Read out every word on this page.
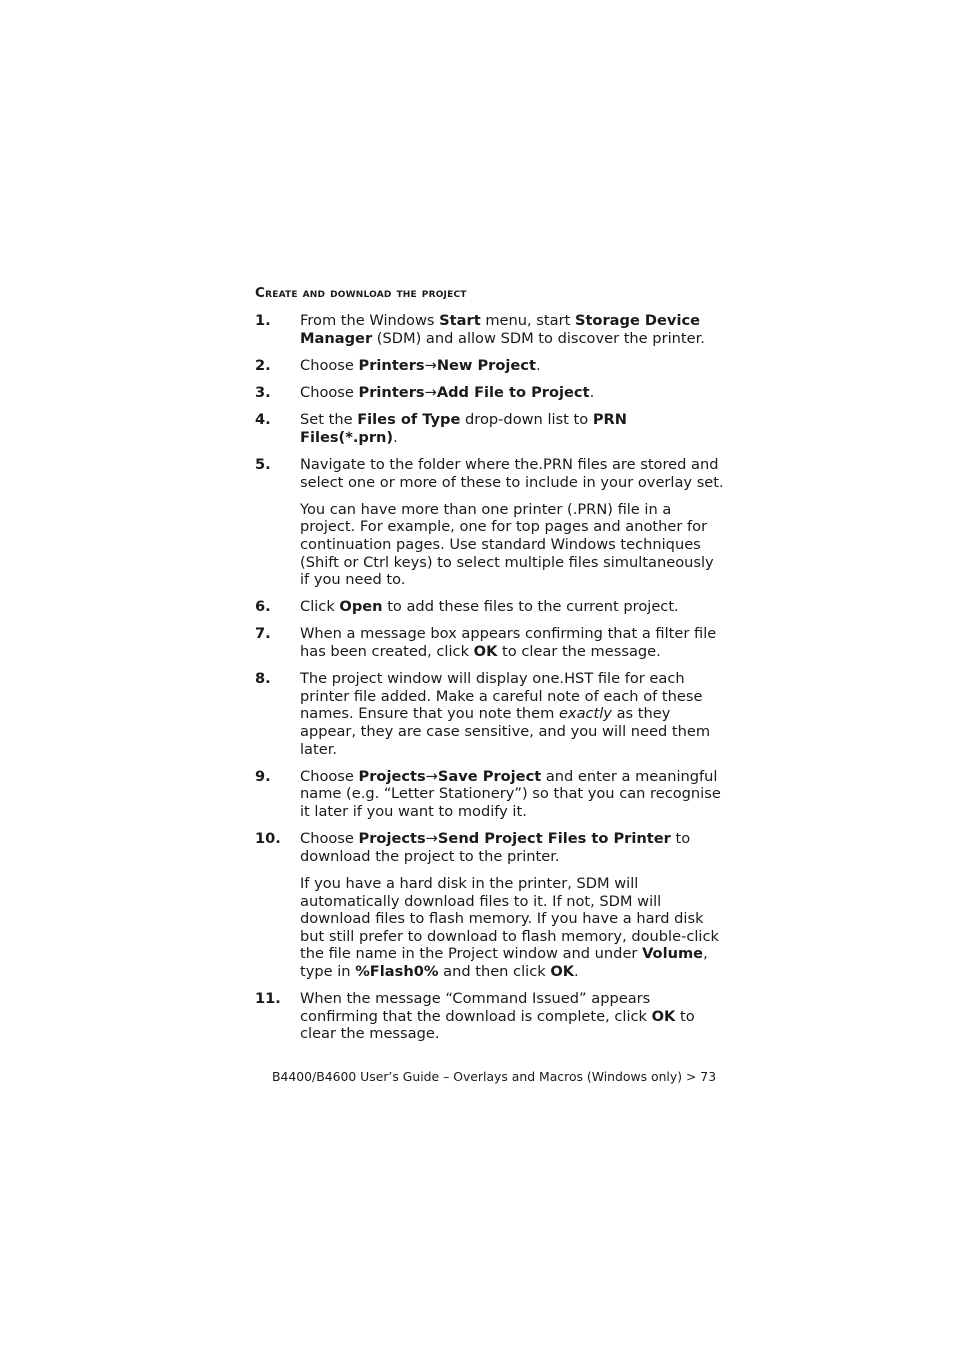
Create and download the project
1. From the Windows Start menu, start Storage Device Manager (SDM) and allow SDM to discover the printer.

2. Choose Printers→New Project.

3. Choose Printers→Add File to Project.

4. Set the Files of Type drop-down list to PRN Files(*.prn).

5. Navigate to the folder where the.PRN files are stored and select one or more of these to include in your overlay set.

You can have more than one printer (.PRN) file in a project. For example, one for top pages and another for continuation pages. Use standard Windows techniques (Shift or Ctrl keys) to select multiple files simultaneously if you need to.

6. Click Open to add these files to the current project.

7. When a message box appears confirming that a filter file has been created, click OK to clear the message.

8. The project window will display one.HST file for each printer file added. Make a careful note of each of these names. Ensure that you note them exactly as they appear, they are case sensitive, and you will need them later.

9. Choose Projects→Save Project and enter a meaningful name (e.g. “Letter Stationery”) so that you can recognise it later if you want to modify it.

10. Choose Projects→Send Project Files to Printer to download the project to the printer.

If you have a hard disk in the printer, SDM will automatically download files to it. If not, SDM will download files to flash memory. If you have a hard disk but still prefer to download to flash memory, double-click the file name in the Project window and under Volume, type in %Flash0% and then click OK.

11. When the message “Command Issued” appears confirming that the download is complete, click OK to clear the message.

B4400/B4600 User’s Guide – Overlays and Macros (Windows only) > 73
